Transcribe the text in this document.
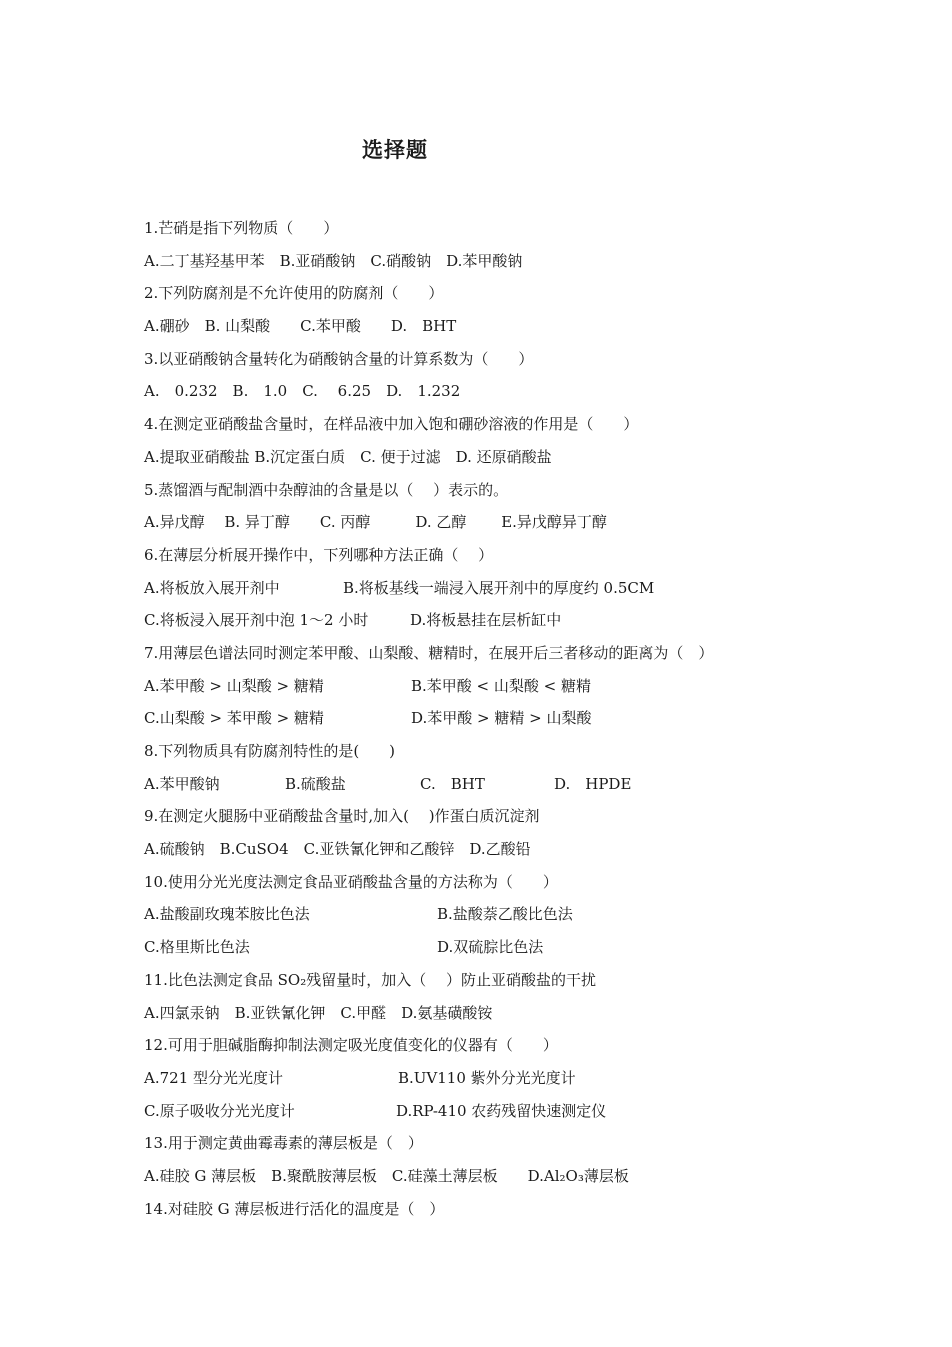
选择题
1.芒硝是指下列物质（　　）
A.二丁基羟基甲苯　B.亚硝酸钠　C.硝酸钠　D.苯甲酸钠
2.下列防腐剂是不允许使用的防腐剂（　　）
A.硼砂　B. 山梨酸　　C.苯甲酸　　D.　BHT
3.以亚硝酸钠含量转化为硝酸钠含量的计算系数为（　　）
A.　0.232　B.　1.0　C.　 6.25　D.　1.232
4.在测定亚硝酸盐含量时，在样品液中加入饱和硼砂溶液的作用是（　　）
A.提取亚硝酸盐 B.沉定蛋白质　C. 便于过滤　D. 还原硝酸盐
5.蒸馏酒与配制酒中杂醇油的含量是以（　 ）表示的。
A.异戊醇　 B. 异丁醇　　C. 丙醇　　　D. 乙醇　　 E.异戊醇异丁醇
6.在薄层分析展开操作中，下列哪种方法正确（　 ）

A.将板放入展开剂中

	B.将板基线一端浸入展开剂中的厚度约 0.5CM

C.将板浸入展开剂中泡 1～2 小时

	D.将板悬挂在层析缸中

7.用薄层色谱法同时测定苯甲酸、山梨酸、糖精时，在展开后三者移动的距离为（　）

A.苯甲酸 > 山梨酸 > 糖精

	B.苯甲酸 < 山梨酸 < 糖精

C.山梨酸 > 苯甲酸 > 糖精

	D.苯甲酸 > 糖精 > 山梨酸

8.下列物质具有防腐剂特性的是(　　)

A.苯甲酸钠

	B.硫酸盐

	C.　BHT

	D.　HPDE

9.在测定火腿肠中亚硝酸盐含量时,加入(　 )作蛋白质沉淀剂
A.硫酸钠　B.CuSO4　C.亚铁氰化钾和乙酸锌　D.乙酸铅
10.使用分光光度法测定食品亚硝酸盐含量的方法称为（　　）

A.盐酸副玫瑰苯胺比色法

	B.盐酸萘乙酸比色法

C.格里斯比色法

	D.双硫腙比色法

11.比色法测定食品 SO₂残留量时，加入（　 ）防止亚硝酸盐的干扰
A.四氯汞钠　B.亚铁氰化钾　C.甲醛　D.氨基磺酸铵
12.可用于胆碱脂酶抑制法测定吸光度值变化的仪器有（　　）

A.721 型分光光度计

	B.UV110 紫外分光光度计

C.原子吸收分光光度计

	D.RP-410 农药残留快速测定仪

13.用于测定黄曲霉毒素的薄层板是（　）
A.硅胶 G 薄层板　B.聚酰胺薄层板　C.硅藻土薄层板　　D.Al₂O₃薄层板
14.对硅胶 G 薄层板进行活化的温度是（　）
